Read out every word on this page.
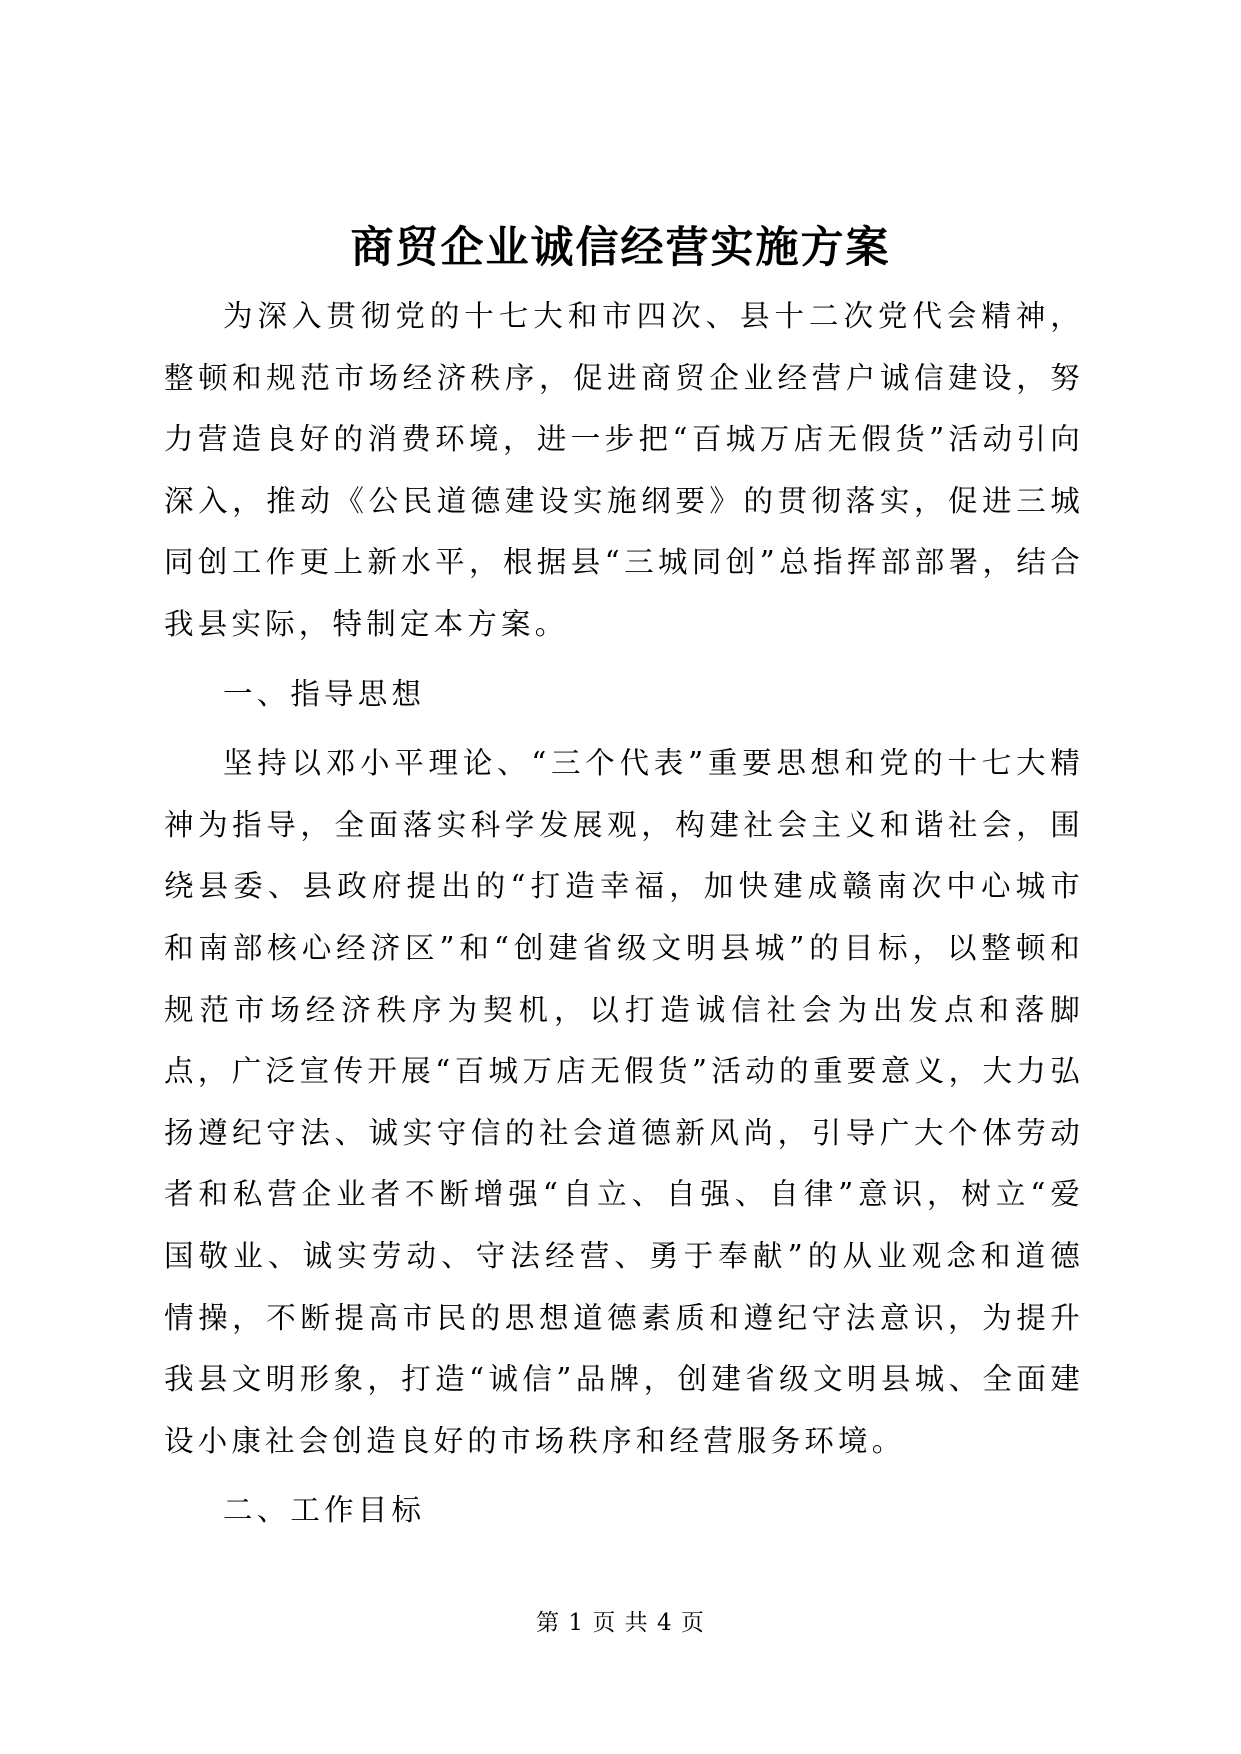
商贸企业诚信经营实施方案

为深入贯彻党的十七大和市四次、县十二次党代会精神，整顿和规范市场经济秩序，促进商贸企业经营户诚信建设，努力营造良好的消费环境，进一步把“百城万店无假货”活动引向深入，推动《公民道德建设实施纲要》的贯彻落实，促进三城同创工作更上新水平，根据县“三城同创”总指挥部部署，结合我县实际，特制定本方案。

一、指导思想

坚持以邓小平理论、“三个代表”重要思想和党的十七大精神为指导，全面落实科学发展观，构建社会主义和谐社会，围绕县委、县政府提出的“打造幸福，加快建成赣南次中心城市和南部核心经济区”和“创建省级文明县城”的目标，以整顿和规范市场经济秩序为契机，以打造诚信社会为出发点和落脚点，广泛宣传开展“百城万店无假货”活动的重要意义，大力弘扬遵纪守法、诚实守信的社会道德新风尚，引导广大个体劳动者和私营企业者不断增强“自立、自强、自律”意识，树立“爱国敬业、诚实劳动、守法经营、勇于奉献”的从业观念和道德情操，不断提高市民的思想道德素质和遵纪守法意识，为提升我县文明形象，打造“诚信”品牌，创建省级文明县城、全面建设小康社会创造良好的市场秩序和经营服务环境。

二、工作目标

第 1 页 共 4 页
